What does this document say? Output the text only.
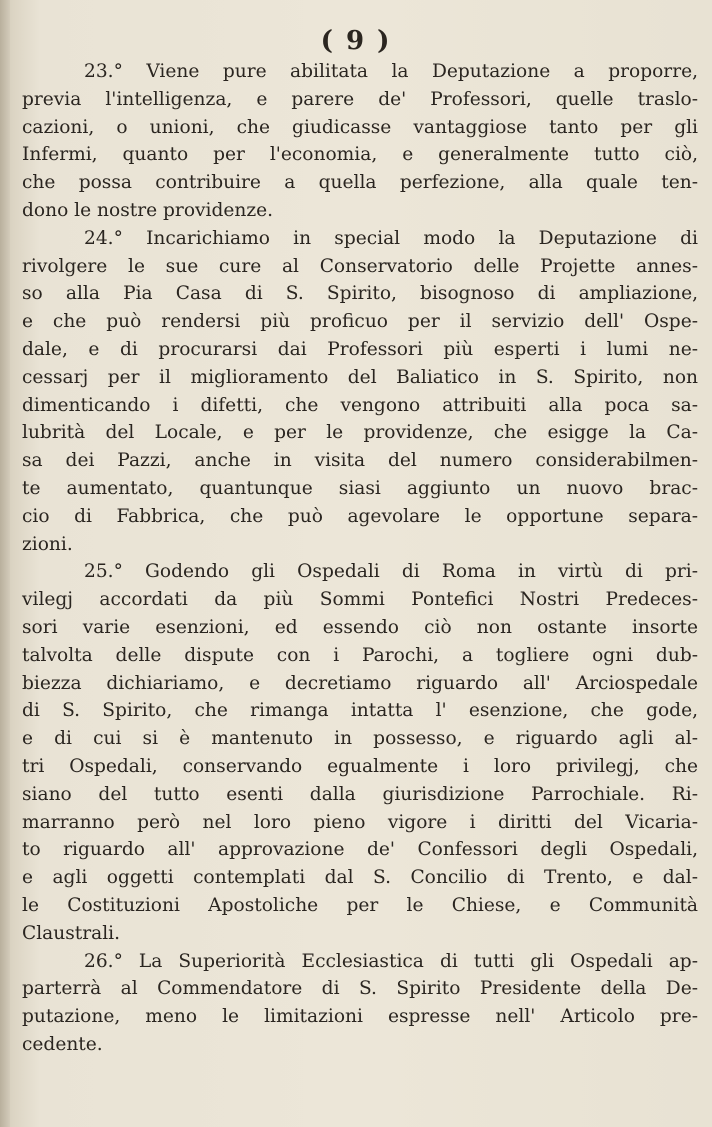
( 9 )
23.° Viene pure abilitata la Deputazione a proporre,
previa l'intelligenza, e parere de' Professori, quelle traslo-
cazioni, o unioni, che giudicasse vantaggiose tanto per gli
Infermi, quanto per l'economia, e generalmente tutto ciò,
che possa contribuire a quella perfezione, alla quale ten-
dono le nostre providenze.
24.° Incarichiamo in special modo la Deputazione di
rivolgere le sue cure al Conservatorio delle Projette annes-
so alla Pia Casa di S. Spirito, bisognoso di ampliazione,
e che può rendersi più proficuo per il servizio dell' Ospe-
dale, e di procurarsi dai Professori più esperti i lumi ne-
cessarj per il miglioramento del Baliatico in S. Spirito, non
dimenticando i difetti, che vengono attribuiti alla poca sa-
lubrità del Locale, e per le providenze, che esigge la Ca-
sa dei Pazzi, anche in visita del numero considerabilmen-
te aumentato, quantunque siasi aggiunto un nuovo brac-
cio di Fabbrica, che può agevolare le opportune separa-
zioni.
25.° Godendo gli Ospedali di Roma in virtù di pri-
vilegj accordati da più Sommi Pontefici Nostri Predeces-
sori varie esenzioni, ed essendo ciò non ostante insorte
talvolta delle dispute con i Parochi, a togliere ogni dub-
biezza dichiariamo, e decretiamo riguardo all' Arciospedale
di S. Spirito, che rimanga intatta l' esenzione, che gode,
e di cui si è mantenuto in possesso, e riguardo agli al-
tri Ospedali, conservando egualmente i loro privilegj, che
siano del tutto esenti dalla giurisdizione Parrochiale. Ri-
marranno però nel loro pieno vigore i diritti del Vicaria-
to riguardo all' approvazione de' Confessori degli Ospedali,
e agli oggetti contemplati dal S. Concilio di Trento, e dal-
le Costituzioni Apostoliche per le Chiese, e Communità
Claustrali.
26.° La Superiorità Ecclesiastica di tutti gli Ospedali ap-
parterrà al Commendatore di S. Spirito Presidente della De-
putazione, meno le limitazioni espresse nell' Articolo pre-
cedente.
